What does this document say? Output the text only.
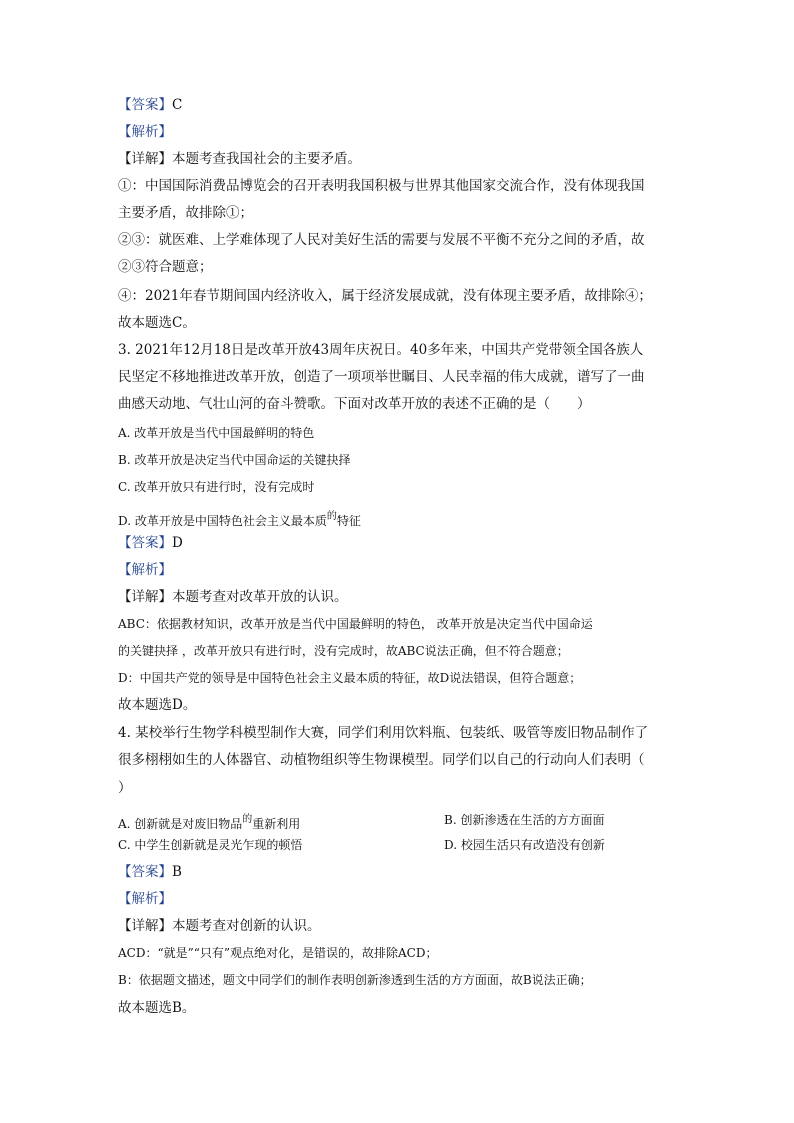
【答案】C
【解析】
【详解】本题考查我国社会的主要矛盾。
①：中国国际消费品博览会的召开表明我国积极与世界其他国家交流合作，没有体现我国
主要矛盾，故排除①；
②③：就医难、上学难体现了人民对美好生活的需要与发展不平衡不充分之间的矛盾，故
②③符合题意；
④：2021年春节期间国内经济收入，属于经济发展成就，没有体现主要矛盾，故排除④；
故本题选C。
3. 2021年12月18日是改革开放43周年庆祝日。40多年来，中国共产党带领全国各族人
民坚定不移地推进改革开放，创造了一项项举世瞩目、人民幸福的伟大成就，谱写了一曲
曲感天动地、气壮山河的奋斗赞歌。下面对改革开放的表述不正确的是（　　）
A. 改革开放是当代中国最鲜明的特色
B. 改革开放是决定当代中国命运的关键抉择
C. 改革开放只有进行时，没有完成时
D. 改革开放是中国特色社会主义最本质$^的$特征
【答案】D
【解析】
【详解】本题考查对改革开放的认识。
ABC：依据教材知识，改革开放是当代中国最鲜明的特色， 改革开放是决定当代中国命运
的关键抉择 ，改革开放只有进行时，没有完成时，故ABC说法正确，但不符合题意；
D：中国共产党的领导是中国特色社会主义最本质的特征，故D说法错误，但符合题意；
故本题选D。
4. 某校举行生物学科模型制作大赛，同学们利用饮料瓶、包装纸、吸管等废旧物品制作了
很多栩栩如生的人体器官、动植物组织等生物课模型。同学们以自己的行动向人们表明（
）
A. 创新就是对废旧物品$^的$重新利用	B. 创新渗透在生活的方方面面
C. 中学生创新就是灵光乍现的顿悟	D. 校园生活只有改造没有创新
【答案】B
【解析】
【详解】本题考查对创新的认识。
ACD：“就是”“只有”观点绝对化，是错误的，故排除ACD；
B：依据题文描述，题文中同学们的制作表明创新渗透到生活的方方面面，故B说法正确；
故本题选B。
